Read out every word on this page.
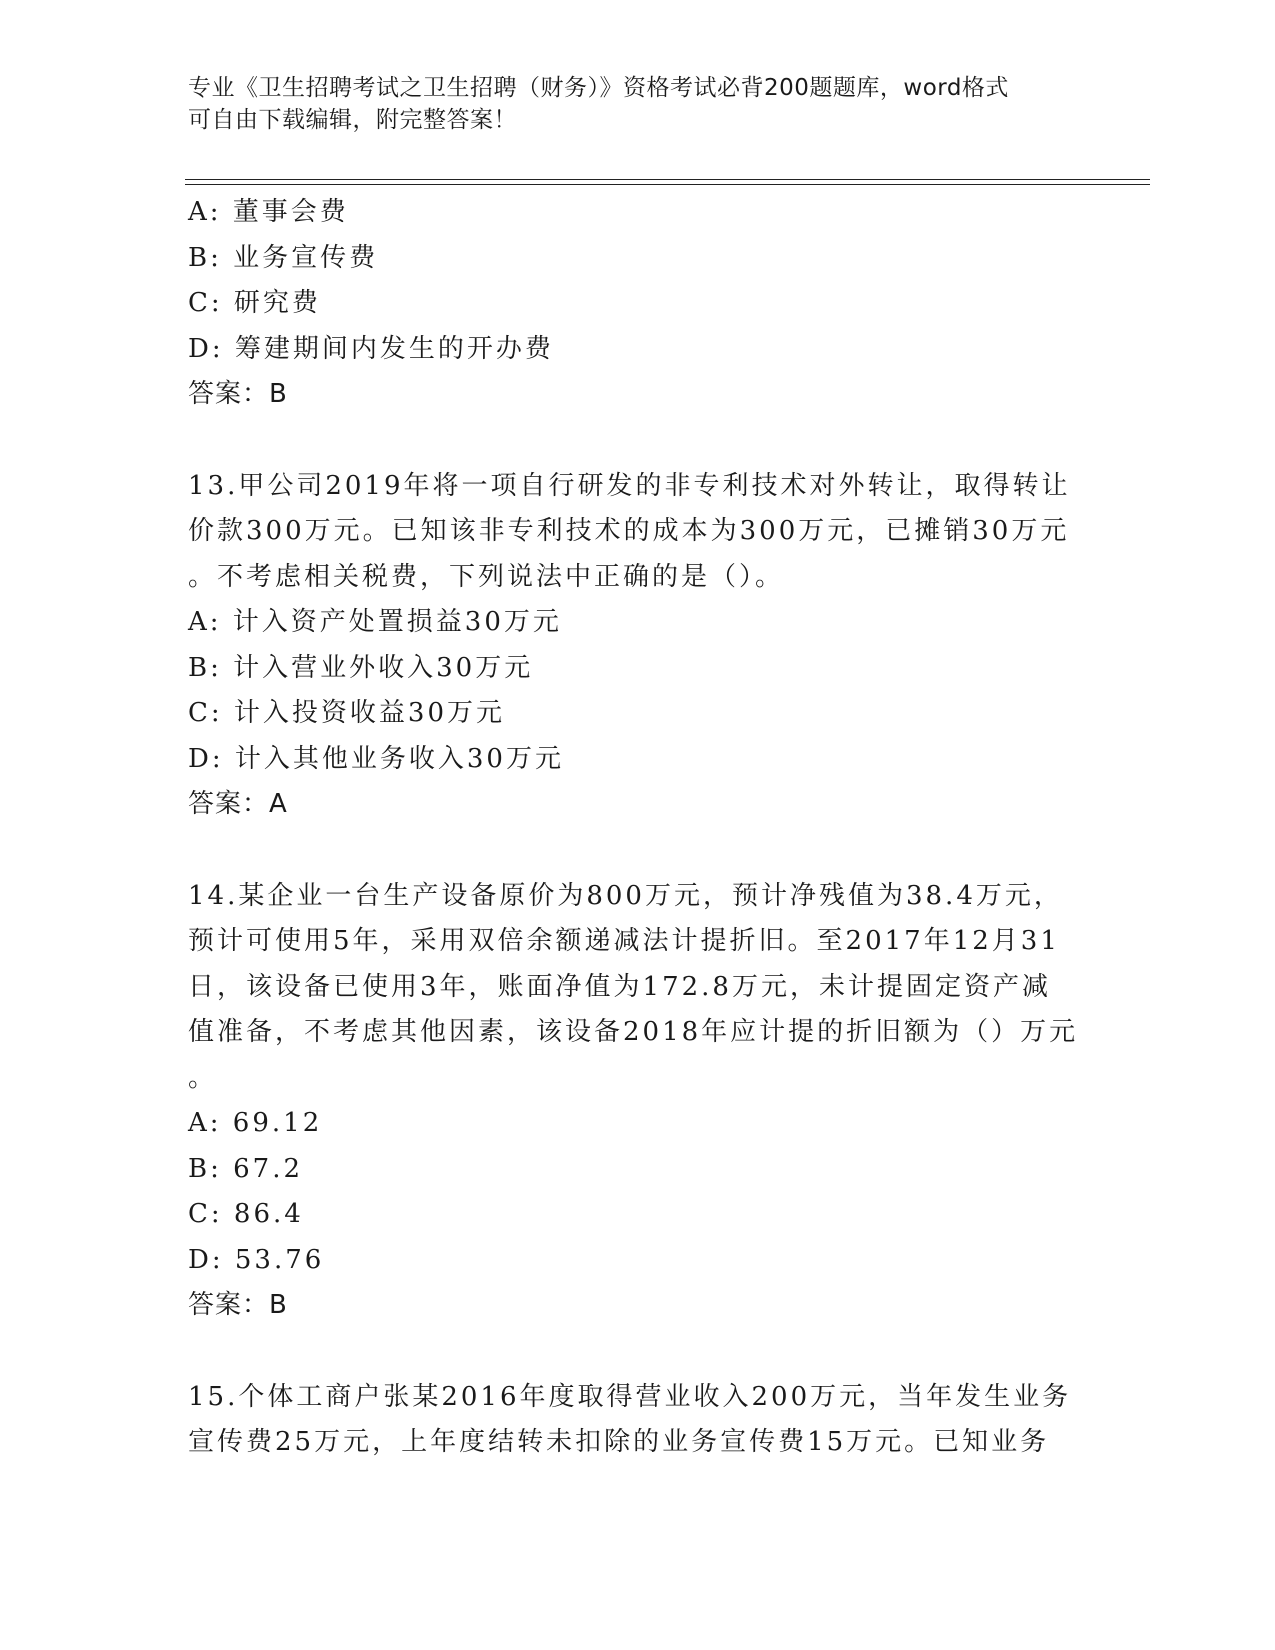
专业《卫生招聘考试之卫生招聘（财务）》资格考试必背200题题库，word格式
可自由下载编辑，附完整答案！
A: 董事会费
B: 业务宣传费
C: 研究费
D: 筹建期间内发生的开办费
答案：B
13.甲公司2019年将一项自行研发的非专利技术对外转让，取得转让
价款300万元。已知该非专利技术的成本为300万元，已摊销30万元
。不考虑相关税费，下列说法中正确的是（）。
A: 计入资产处置损益30万元
B: 计入营业外收入30万元
C: 计入投资收益30万元
D: 计入其他业务收入30万元
答案：A
14.某企业一台生产设备原价为800万元，预计净残值为38.4万元，
预计可使用5年，采用双倍余额递减法计提折旧。至2017年12月31
日，该设备已使用3年，账面净值为172.8万元，未计提固定资产减
值准备，不考虑其他因素，该设备2018年应计提的折旧额为（）万元
。
A: 69.12
B: 67.2
C: 86.4
D: 53.76
答案：B
15.个体工商户张某2016年度取得营业收入200万元，当年发生业务
宣传费25万元，上年度结转未扣除的业务宣传费15万元。已知业务
